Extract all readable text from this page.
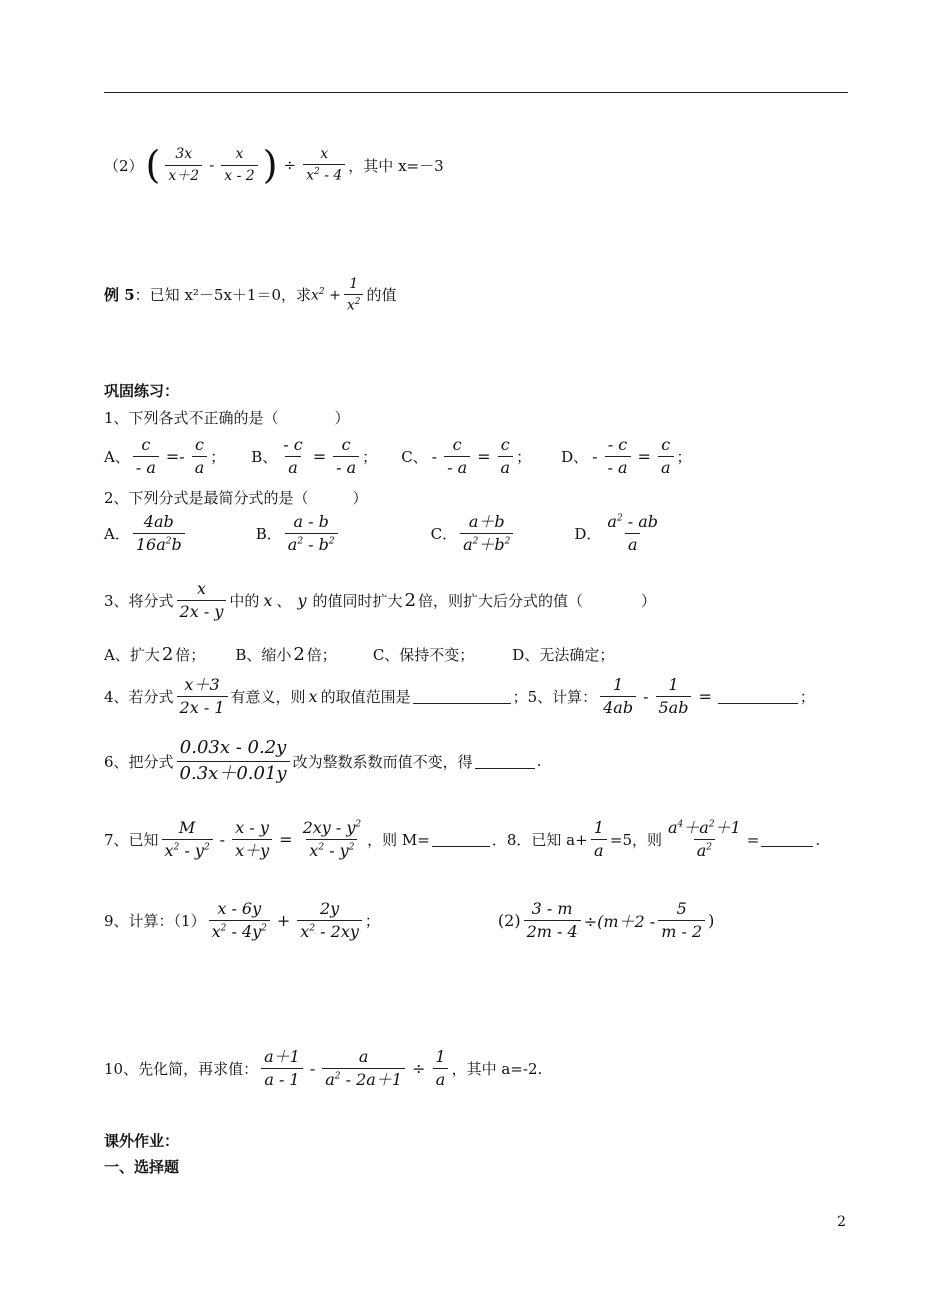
（2） ( 3x
x＋2
-
x
x - 2 ) ÷ $\frac{x}{x^2 - 4}$ ，其中 x=－3
例 5 ：已知 x²－5x＋1＝0，求 $x^2 + \frac{1}{x^2}$ 的值
巩固练习：
1、下列各式不正确的是（	）
A、 $\frac{c}{- a}$ =-
c
a
； B、 $\frac{- c}{a} = \frac{c}{- a}$ ； C、 - $\frac{c}{- a} = \frac{c}{a}$ ； D、 - $\frac{- c}{- a} = \frac{c}{a}$ ；
2、下列分式是最简分式的是（	）
A．
4ab
$16a^2b$
B．
a - b
$a^2 - b^2$	C．
a＋b
$a^2+b^2$	D．
$a^2$ - ab
a
3、将分式
x
2x - y
中的 x 、 y 的值同时扩大 2 倍，则扩大后分式的值（	）
A、扩大 2 倍； B、缩小 2 倍； C、保持不变；	D、无法确定；
4、若分式
x＋3
2x - 1
有意义，则 x 的取值范围是	；5、计算：
1
4ab
- $\frac{1}{5ab}$ =	；
6、把分式
0.03x - 0.2y
0.3x＋0.01y
改为整数系数而值不变，得	.
7、已知
M
$x^2 - y^2 - \frac{x - y}{x+y} = \frac{2xy - y^2}{x^2 - y^2}$ ，则 M=	．8．已知 $a+ \frac{1}{a} =5$，则 $\frac{a^4+a^2+1}{a^2}$ =	.
9、计算：（1）
x - 6y
$x^2 - 4y^2 + \frac{2y}{x^2 - 2xy}$ ；	$(2) \frac{3 - m}{2m - 4} \div(m+2$ -
5
m - 2
)
10、先化简，再求值：
a＋1
a - 1
- $\frac{a}{a^2 - 2a+1} \div \frac{1}{a}$ ，其中 a=-2.
课外作业：
一、选择题
2
